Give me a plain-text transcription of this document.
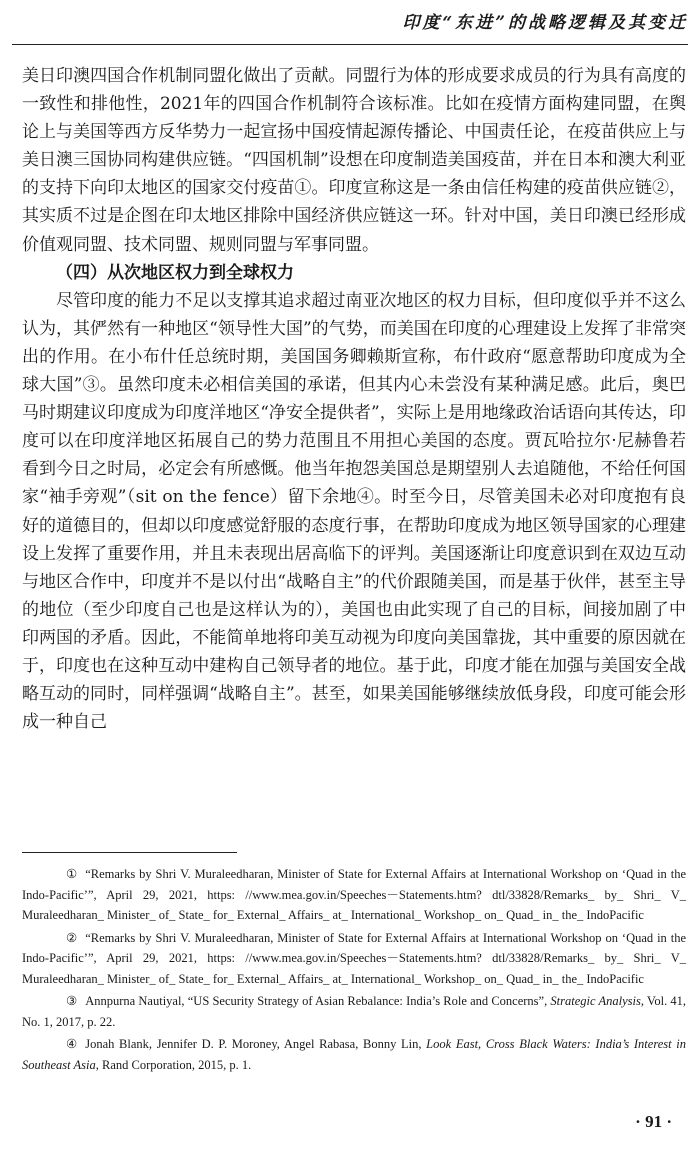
印度“东进”的战略逻辑及其变迁

美日印澳四国合作机制同盟化做出了贡献。同盟行为体的形成要求成员的行为具有高度的一致性和排他性，2021年的四国合作机制符合该标准。比如在疫情方面构建同盟，在舆论上与美国等西方反华势力一起宣扬中国疫情起源传播论、中国责任论，在疫苗供应上与美日澳三国协同构建供应链。“四国机制”设想在印度制造美国疫苗，并在日本和澳大利亚的支持下向印太地区的国家交付疫苗①。印度宣称这是一条由信任构建的疫苗供应链②，其实质不过是企图在印太地区排除中国经济供应链这一环。针对中国，美日印澳已经形成价值观同盟、技术同盟、规则同盟与军事同盟。

（四）从次地区权力到全球权力

尽管印度的能力不足以支撑其追求超过南亚次地区的权力目标，但印度似乎并不这么认为，其俨然有一种地区“领导性大国”的气势，而美国在印度的心理建设上发挥了非常突出的作用。在小布什任总统时期，美国国务卿赖斯宣称，布什政府“愿意帮助印度成为全球大国”③。虽然印度未必相信美国的承诺，但其内心未尝没有某种满足感。此后，奥巴马时期建议印度成为印度洋地区“净安全提供者”，实际上是用地缘政治话语向其传达，印度可以在印度洋地区拓展自己的势力范围且不用担心美国的态度。贾瓦哈拉尔·尼赫鲁若看到今日之时局，必定会有所感慨。他当年抱怨美国总是期望别人去追随他，不给任何国家“袖手旁观”（sit on the fence）留下余地④。时至今日，尽管美国未必对印度抱有良好的道德目的，但却以印度感觉舒服的态度行事，在帮助印度成为地区领导国家的心理建设上发挥了重要作用，并且未表现出居高临下的评判。美国逐渐让印度意识到在双边互动与地区合作中，印度并不是以付出“战略自主”的代价跟随美国，而是基于伙伴，甚至主导的地位（至少印度自己也是这样认为的），美国也由此实现了自己的目标，间接加剧了中印两国的矛盾。因此，不能简单地将印美互动视为印度向美国靠拢，其中重要的原因就在于，印度也在这种互动中建构自己领导者的地位。基于此，印度才能在加强与美国安全战略互动的同时，同样强调“战略自主”。甚至，如果美国能够继续放低身段，印度可能会形成一种自己

① “Remarks by Shri V. Muraleedharan, Minister of State for External Affairs at International Workshop on ‘Quad in the Indo-Pacific’”, April 29, 2021, https: //www.mea.gov.in/Speeches－Statements.htm? dtl/33828/Remarks_ by_ Shri_ V_ Muraleedharan_ Minister_ of_ State_ for_ External_ Affairs_ at_ International_ Workshop_ on_ Quad_ in_ the_ IndoPacific

② “Remarks by Shri V. Muraleedharan, Minister of State for External Affairs at International Workshop on ‘Quad in the Indo-Pacific’”, April 29, 2021, https: //www.mea.gov.in/Speeches－Statements.htm? dtl/33828/Remarks_ by_ Shri_ V_ Muraleedharan_ Minister_ of_ State_ for_ External_ Affairs_ at_ International_ Workshop_ on_ Quad_ in_ the_ IndoPacific

③ Annpurna Nautiyal, “US Security Strategy of Asian Rebalance: India’s Role and Concerns”, Strategic Analysis, Vol. 41, No. 1, 2017, p. 22.

④ Jonah Blank, Jennifer D. P. Moroney, Angel Rabasa, Bonny Lin, Look East, Cross Black Waters: India’s Interest in Southeast Asia, Rand Corporation, 2015, p. 1.

· 91 ·
